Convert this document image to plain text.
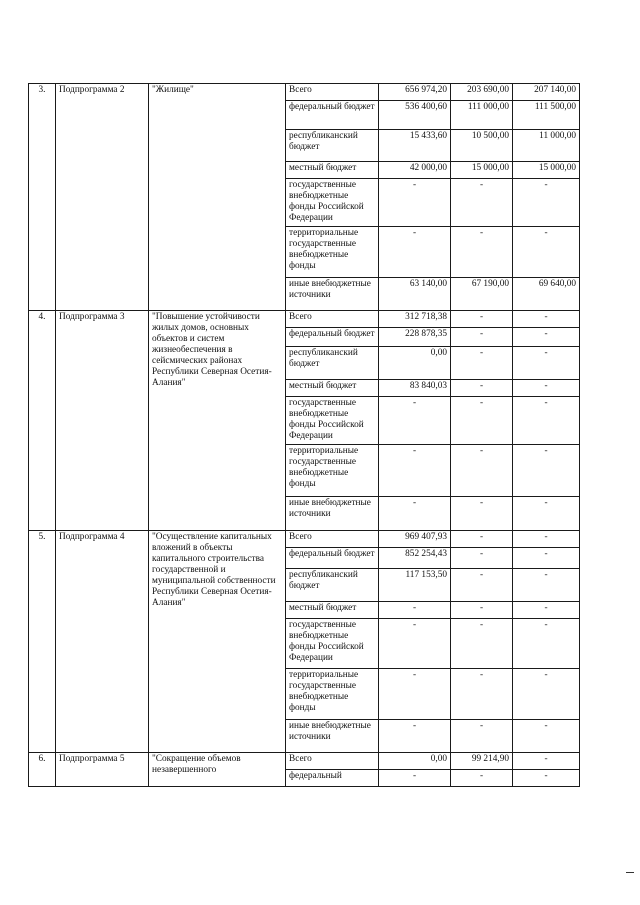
3.	Подпрограмма 2	"Жилище"	Всего	656 974,20	203 690,00	207 140,00
			федеральный бюджет	536 400,60	111 000,00	111 500,00
			республиканский бюджет	15 433,60	10 500,00	11 000,00
			местный бюджет	42 000,00	15 000,00	15 000,00
			государственные внебюджетные фонды Российской Федерации	-	-	-
			территориальные государственные внебюджетные фонды	-	-	-
			иные внебюджетные источники	63 140,00	67 190,00	69 640,00
4.	Подпрограмма 3	"Повышение устойчивости жилых домов, основных объектов и систем жизнеобеспечения в сейсмических районах Республики Северная Осетия-Алания"	Всего	312 718,38	-	-
			федеральный бюджет	228 878,35	-	-
			республиканский бюджет	0,00	-	-
			местный бюджет	83 840,03	-	-
			государственные внебюджетные фонды Российской Федерации	-	-	-
			территориальные государственные внебюджетные фонды	-	-	-
			иные внебюджетные источники	-	-	-
5.	Подпрограмма 4	"Осуществление капитальных вложений в объекты капитального строительства государственной и муниципальной собственности Республики Северная Осетия-Алания"	Всего	969 407,93	-	-
			федеральный бюджет	852 254,43	-	-
			республиканский бюджет	117 153,50	-	-
			местный бюджет	-	-	-
			государственные внебюджетные фонды Российской Федерации	-	-	-
			территориальные государственные внебюджетные фонды	-	-	-
			иные внебюджетные источники	-	-	-
6.	Подпрограмма 5	"Сокращение объемов незавершенного	Всего	0,00	99 214,90	-
			федеральный	-	-	-
